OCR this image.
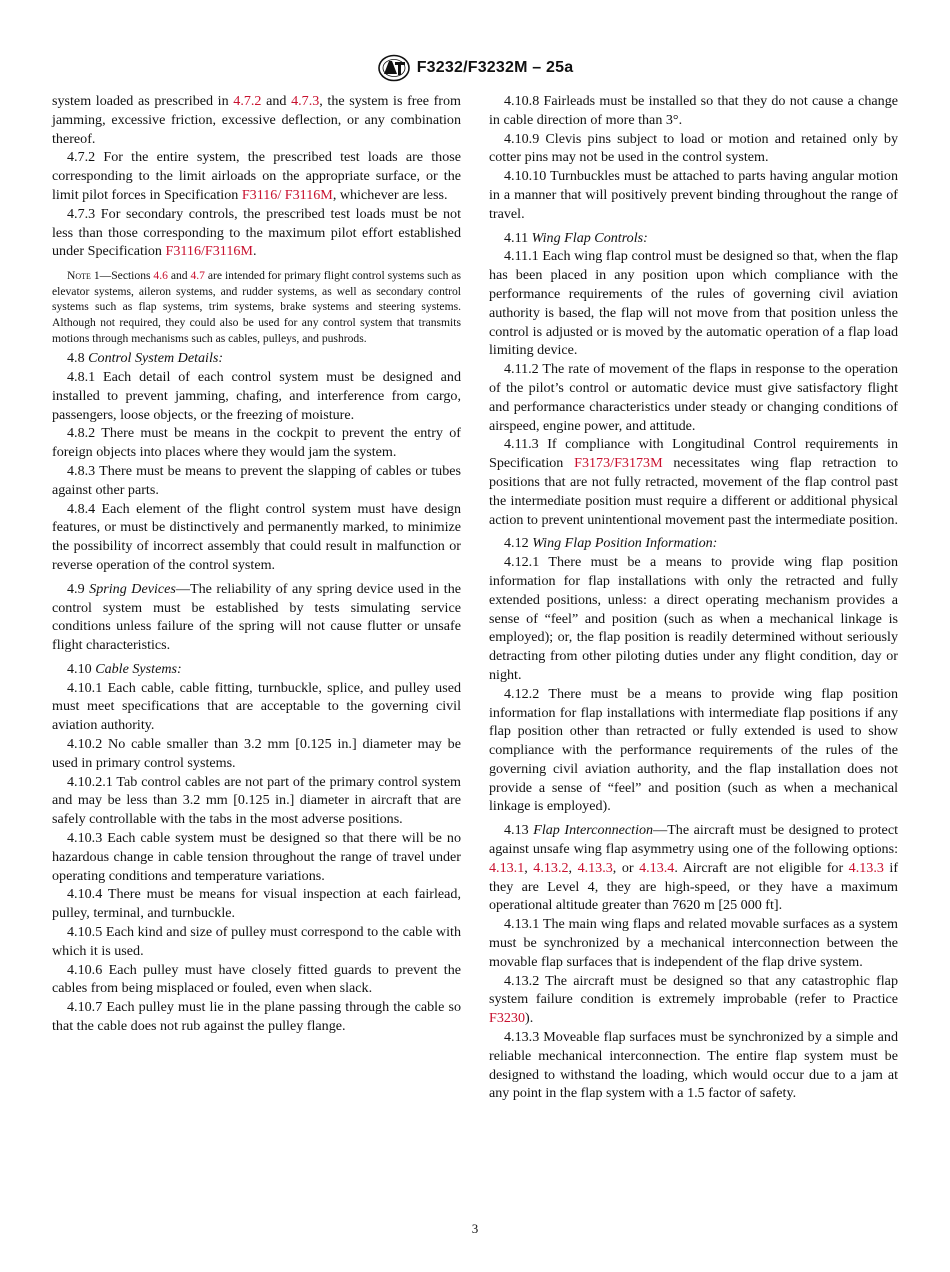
F3232/F3232M – 25a

system loaded as prescribed in 4.7.2 and 4.7.3, the system is free from jamming, excessive friction, excessive deflection, or any combination thereof.

4.7.2 For the entire system, the prescribed test loads are those corresponding to the limit airloads on the appropriate surface, or the limit pilot forces in Specification F3116/ F3116M, whichever are less.

4.7.3 For secondary controls, the prescribed test loads must be not less than those corresponding to the maximum pilot effort established under Specification F3116/F3116M.

Note 1—Sections 4.6 and 4.7 are intended for primary flight control systems such as elevator systems, aileron systems, and rudder systems, as well as secondary control systems such as flap systems, trim systems, brake systems and steering systems. Although not required, they could also be used for any control system that transmits motions through mechanisms such as cables, pulleys, and pushrods.

4.8 Control System Details:

4.8.1 Each detail of each control system must be designed and installed to prevent jamming, chafing, and interference from cargo, passengers, loose objects, or the freezing of moisture.

4.8.2 There must be means in the cockpit to prevent the entry of foreign objects into places where they would jam the system.

4.8.3 There must be means to prevent the slapping of cables or tubes against other parts.

4.8.4 Each element of the flight control system must have design features, or must be distinctively and permanently marked, to minimize the possibility of incorrect assembly that could result in malfunction or reverse operation of the control system.

4.9 Spring Devices—The reliability of any spring device used in the control system must be established by tests simulating service conditions unless failure of the spring will not cause flutter or unsafe flight characteristics.

4.10 Cable Systems:

4.10.1 Each cable, cable fitting, turnbuckle, splice, and pulley used must meet specifications that are acceptable to the governing civil aviation authority.

4.10.2 No cable smaller than 3.2 mm [0.125 in.] diameter may be used in primary control systems.

4.10.2.1 Tab control cables are not part of the primary control system and may be less than 3.2 mm [0.125 in.] diameter in aircraft that are safely controllable with the tabs in the most adverse positions.

4.10.3 Each cable system must be designed so that there will be no hazardous change in cable tension throughout the range of travel under operating conditions and temperature variations.

4.10.4 There must be means for visual inspection at each fairlead, pulley, terminal, and turnbuckle.

4.10.5 Each kind and size of pulley must correspond to the cable with which it is used.

4.10.6 Each pulley must have closely fitted guards to prevent the cables from being misplaced or fouled, even when slack.

4.10.7 Each pulley must lie in the plane passing through the cable so that the cable does not rub against the pulley flange.

4.10.8 Fairleads must be installed so that they do not cause a change in cable direction of more than 3°.

4.10.9 Clevis pins subject to load or motion and retained only by cotter pins may not be used in the control system.

4.10.10 Turnbuckles must be attached to parts having angular motion in a manner that will positively prevent binding throughout the range of travel.

4.11 Wing Flap Controls:

4.11.1 Each wing flap control must be designed so that, when the flap has been placed in any position upon which compliance with the performance requirements of the rules of governing civil aviation authority is based, the flap will not move from that position unless the control is adjusted or is moved by the automatic operation of a flap load limiting device.

4.11.2 The rate of movement of the flaps in response to the operation of the pilot’s control or automatic device must give satisfactory flight and performance characteristics under steady or changing conditions of airspeed, engine power, and attitude.

4.11.3 If compliance with Longitudinal Control requirements in Specification F3173/F3173M necessitates wing flap retraction to positions that are not fully retracted, movement of the flap control past the intermediate position must require a different or additional physical action to prevent unintentional movement past the intermediate position.

4.12 Wing Flap Position Information:

4.12.1 There must be a means to provide wing flap position information for flap installations with only the retracted and fully extended positions, unless: a direct operating mechanism provides a sense of “feel” and position (such as when a mechanical linkage is employed); or, the flap position is readily determined without seriously detracting from other piloting duties under any flight condition, day or night.

4.12.2 There must be a means to provide wing flap position information for flap installations with intermediate flap positions if any flap position other than retracted or fully extended is used to show compliance with the performance requirements of the rules of the governing civil aviation authority, and the flap installation does not provide a sense of “feel” and position (such as when a mechanical linkage is employed).

4.13 Flap Interconnection—The aircraft must be designed to protect against unsafe wing flap asymmetry using one of the following options: 4.13.1, 4.13.2, 4.13.3, or 4.13.4. Aircraft are not eligible for 4.13.3 if they are Level 4, they are high-speed, or they have a maximum operational altitude greater than 7620 m [25 000 ft].

4.13.1 The main wing flaps and related movable surfaces as a system must be synchronized by a mechanical interconnection between the movable flap surfaces that is independent of the flap drive system.

4.13.2 The aircraft must be designed so that any catastrophic flap system failure condition is extremely improbable (refer to Practice F3230).

4.13.3 Moveable flap surfaces must be synchronized by a simple and reliable mechanical interconnection. The entire flap system must be designed to withstand the loading, which would occur due to a jam at any point in the flap system with a 1.5 factor of safety.

3
